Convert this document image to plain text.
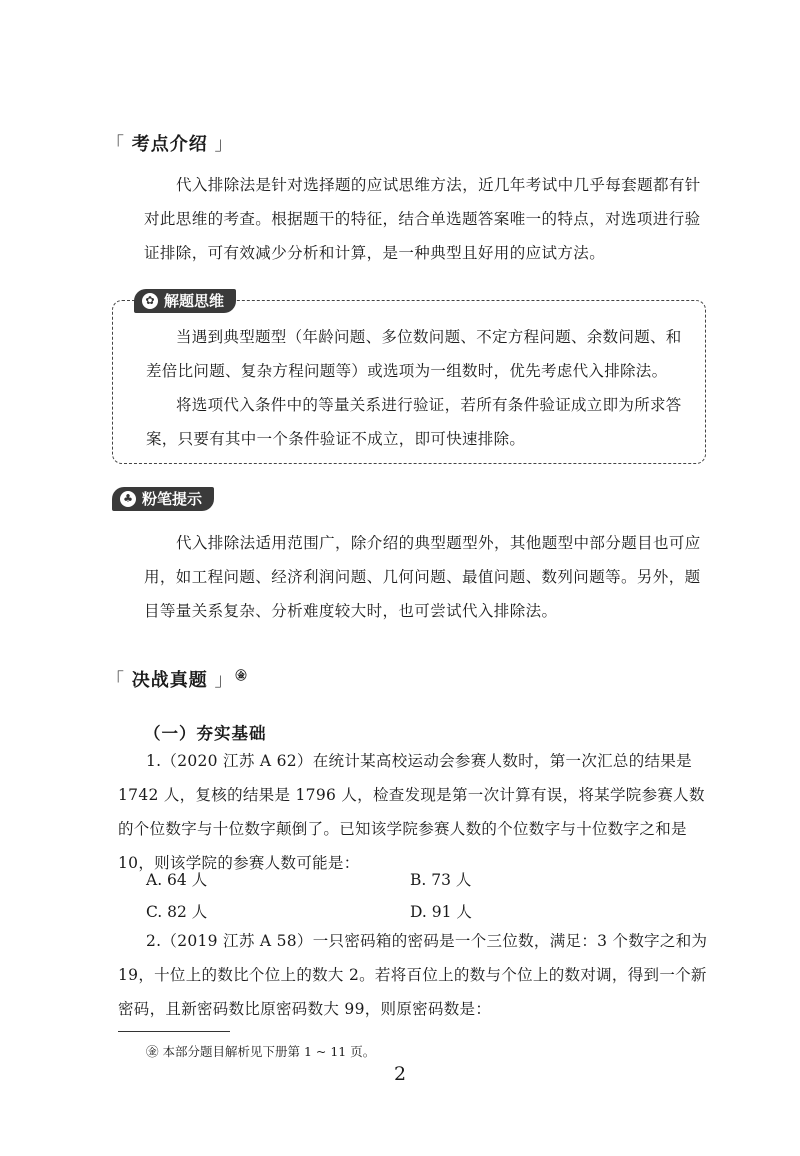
「 考点介绍 」

代入排除法是针对选择题的应试思维方法，近几年考试中几乎每套题都有针对此思维的考查。根据题干的特征，结合单选题答案唯一的特点，对选项进行验证排除，可有效减少分析和计算，是一种典型且好用的应试方法。

✿ 解题思维

当遇到典型题型（年龄问题、多位数问题、不定方程问题、余数问题、和差倍比问题、复杂方程问题等）或选项为一组数时，优先考虑代入排除法。

将选项代入条件中的等量关系进行验证，若所有条件验证成立即为所求答案，只要有其中一个条件验证不成立，即可快速排除。

♣ 粉笔提示

代入排除法适用范围广，除介绍的典型题型外，其他题型中部分题目也可应用，如工程问题、经济利润问题、几何问题、最值问题、数列问题等。另外，题目等量关系复杂、分析难度较大时，也可尝试代入排除法。

「 决战真题 」 ㊎
（一）夯实基础

1.（2020 江苏 A 62）在统计某高校运动会参赛人数时，第一次汇总的结果是1742 人，复核的结果是 1796 人，检查发现是第一次计算有误，将某学院参赛人数的个位数字与十位数字颠倒了。已知该学院参赛人数的个位数字与十位数字之和是 10，则该学院的参赛人数可能是：

A. 64 人	B. 73 人
C. 82 人	D. 91 人

2.（2019 江苏 A 58）一只密码箱的密码是一个三位数，满足：3 个数字之和为19，十位上的数比个位上的数大 2。若将百位上的数与个位上的数对调，得到一个新密码，且新密码数比原密码数大 99，则原密码数是：

㊎ 本部分题目解析见下册第 1 ~ 11 页。
2
